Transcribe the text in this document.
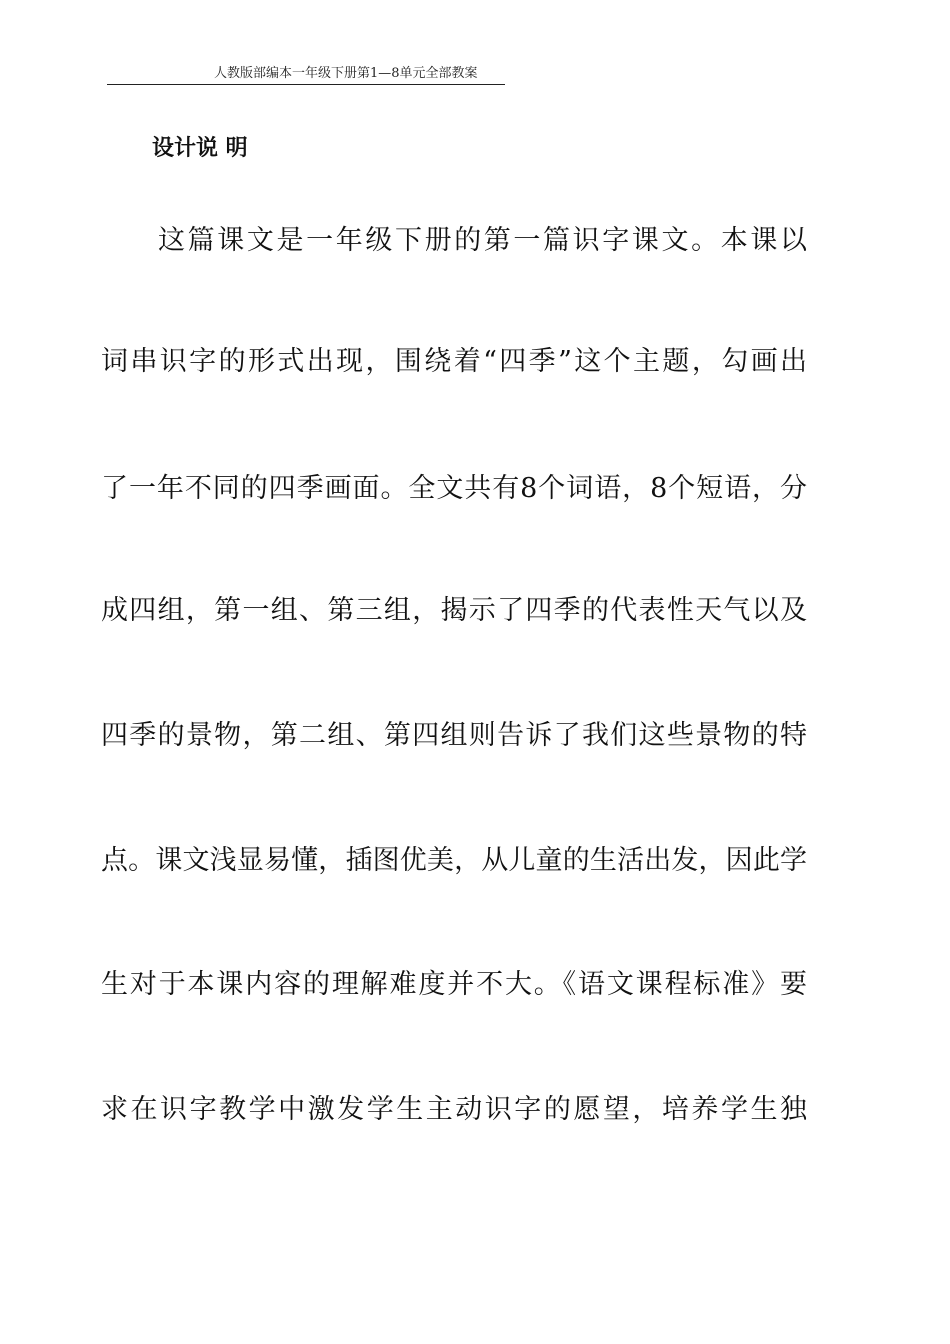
人教版部编本一年级下册第1—8单元全部教案
设计说 明
这篇课文是一年级下册的第一篇识字课文。本课以
词串识字的形式出现，围绕着“四季”这个主题，勾画出
了一年不同的四季画面。全文共有8个词语，8个短语，分
成四组，第一组、第三组，揭示了四季的代表性天气以及
四季的景物，第二组、第四组则告诉了我们这些景物的特
点。课文浅显易懂，插图优美，从儿童的生活出发，因此学
生对于本课内容的理解难度并不大。《语文课程标准》要
求在识字教学中激发学生主动识字的愿望，培养学生独
